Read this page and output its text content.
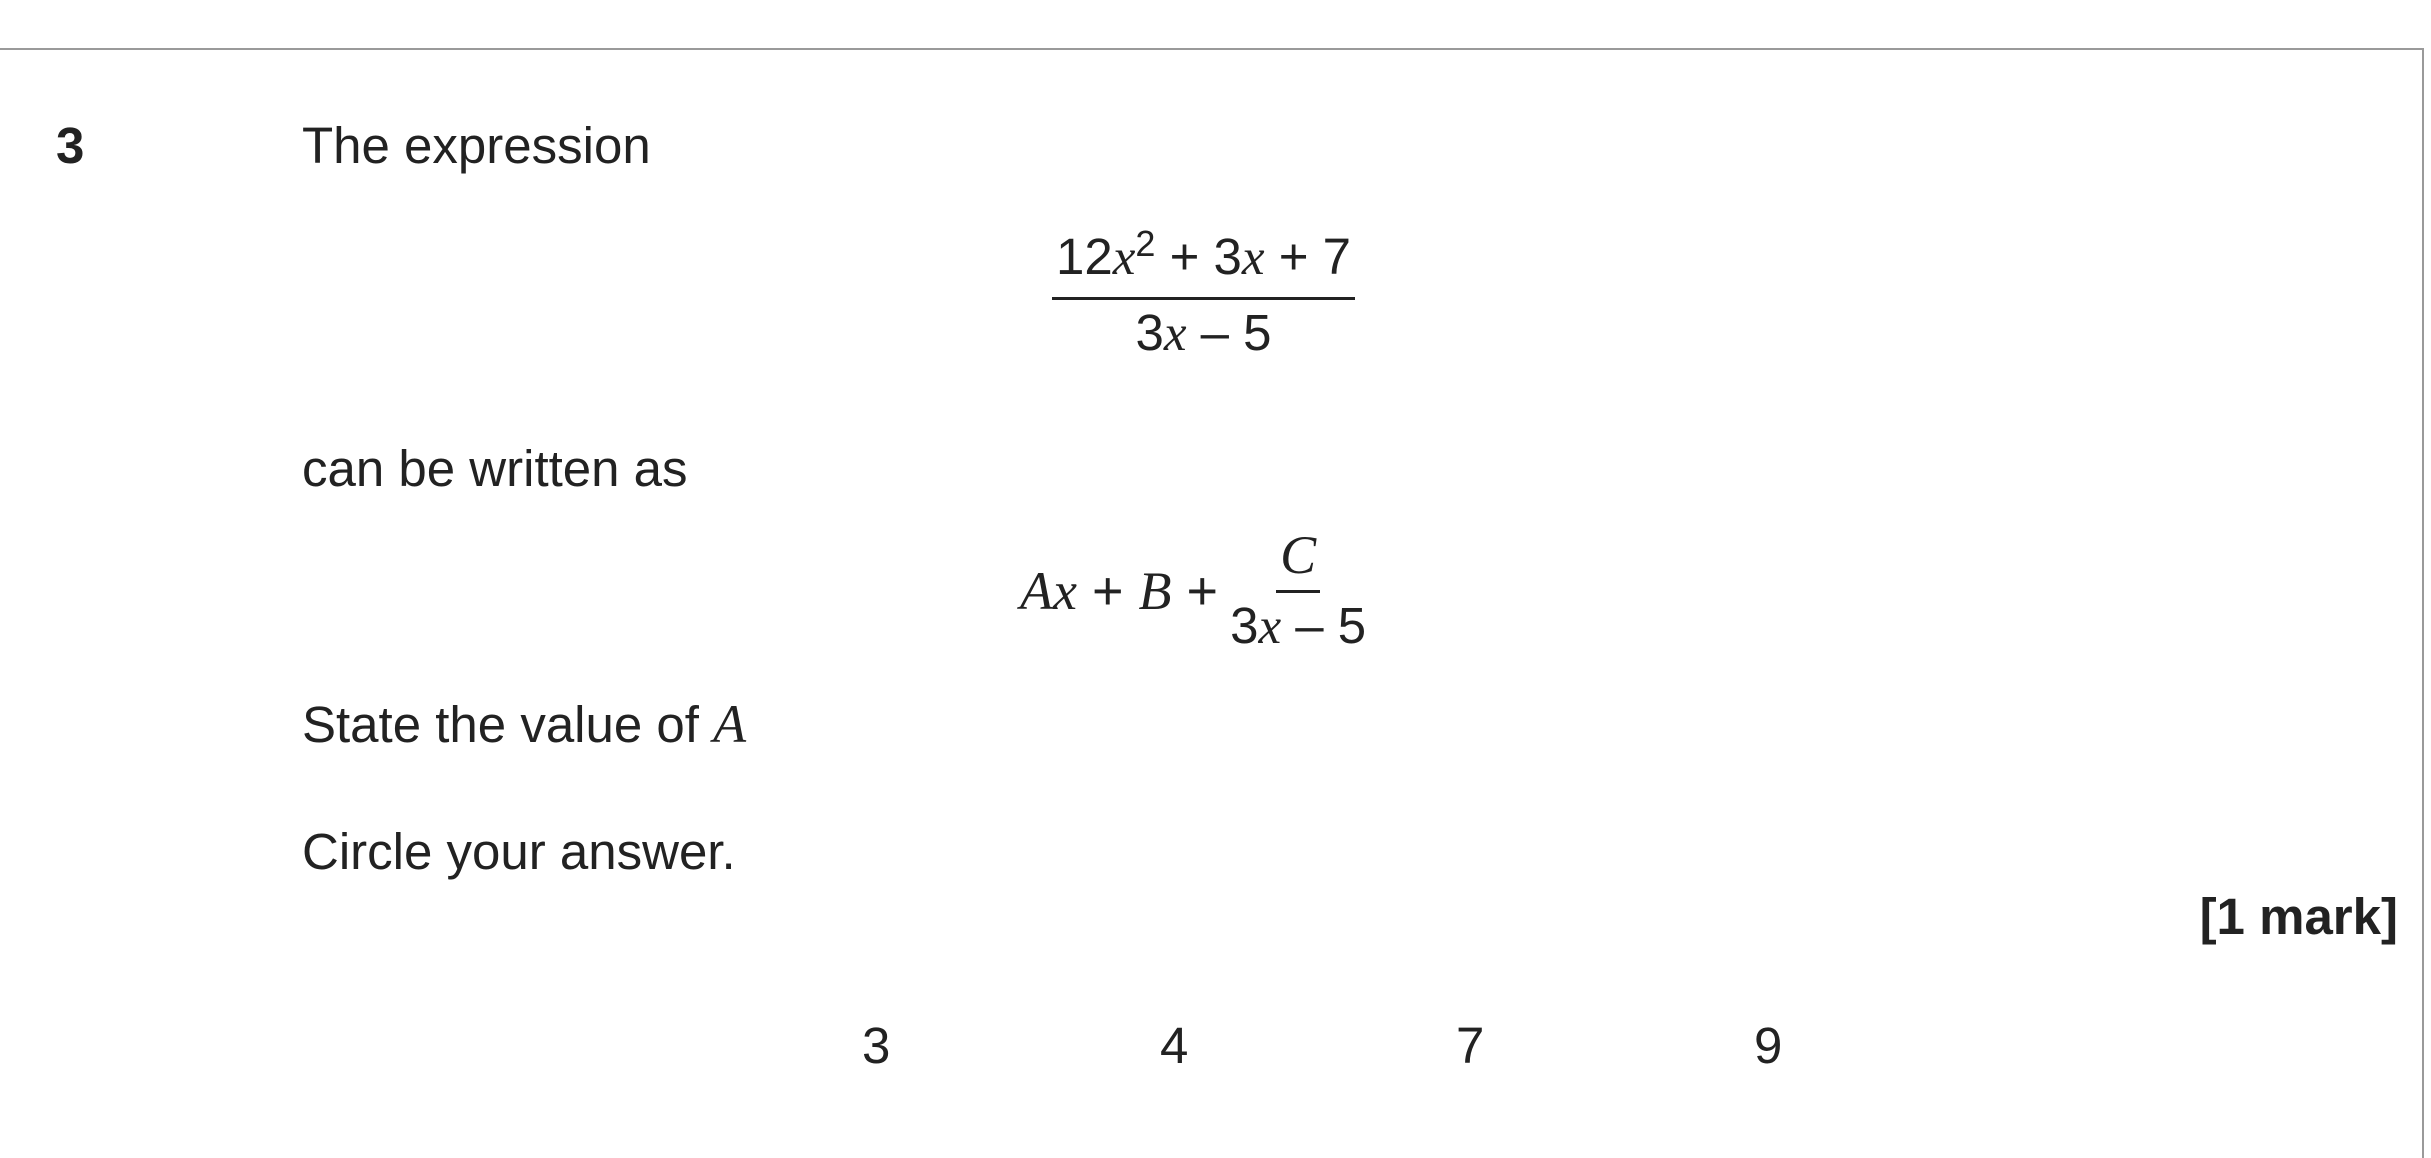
3	The expression
$\frac{12x^2 + 3x + 7}{3x - 5}$
can be written as
$Ax + B + \frac{C}{3x - 5}$
State the value of A
Circle your answer.
[1 mark]
3	4	7	9
